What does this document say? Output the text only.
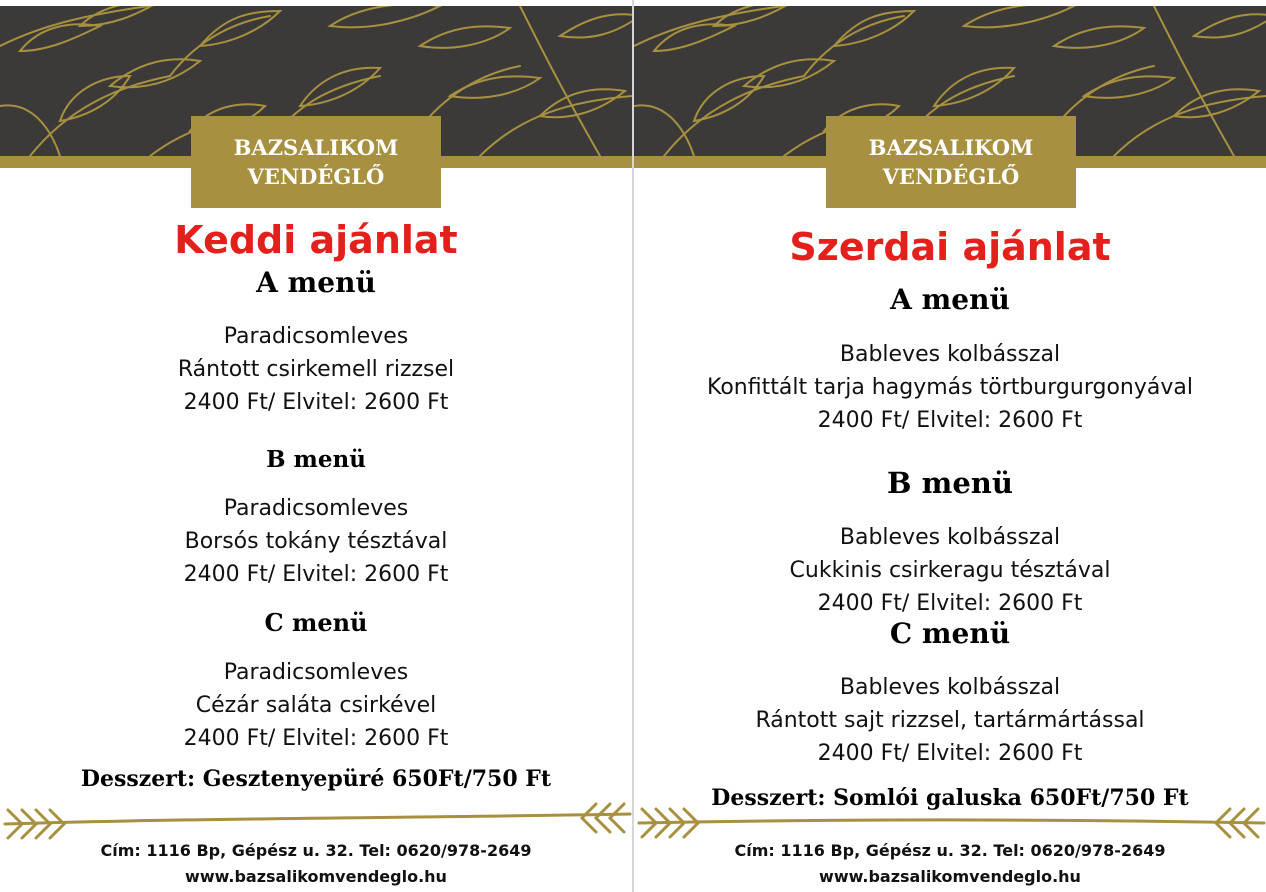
BAZSALIKOM
VENDÉGLŐ
Keddi ajánlat
A menü
Paradicsomleves
Rántott csirkemell rizzsel
2400 Ft/ Elvitel: 2600 Ft
B menü
Paradicsomleves
Borsós tokány tésztával
2400 Ft/ Elvitel: 2600 Ft
C menü
Paradicsomleves
Cézár saláta csirkével
2400 Ft/ Elvitel: 2600 Ft
Desszert: Gesztenyepüré 650Ft/750 Ft
Cím: 1116 Bp, Gépész u. 32. Tel: 0620/978-2649
www.bazsalikomvendeglo.hu
BAZSALIKOM
VENDÉGLŐ
Szerdai ajánlat
A menü
Bableves kolbásszal
Konfittált tarja hagymás törtburgurgonyával
2400 Ft/ Elvitel: 2600 Ft
B menü
Bableves kolbásszal
Cukkinis csirkeragu tésztával
2400 Ft/ Elvitel: 2600 Ft
C menü
Bableves kolbásszal
Rántott sajt rizzsel, tartármártással
2400 Ft/ Elvitel: 2600 Ft
Desszert: Somlói galuska 650Ft/750 Ft
Cím: 1116 Bp, Gépész u. 32. Tel: 0620/978-2649
www.bazsalikomvendeglo.hu
